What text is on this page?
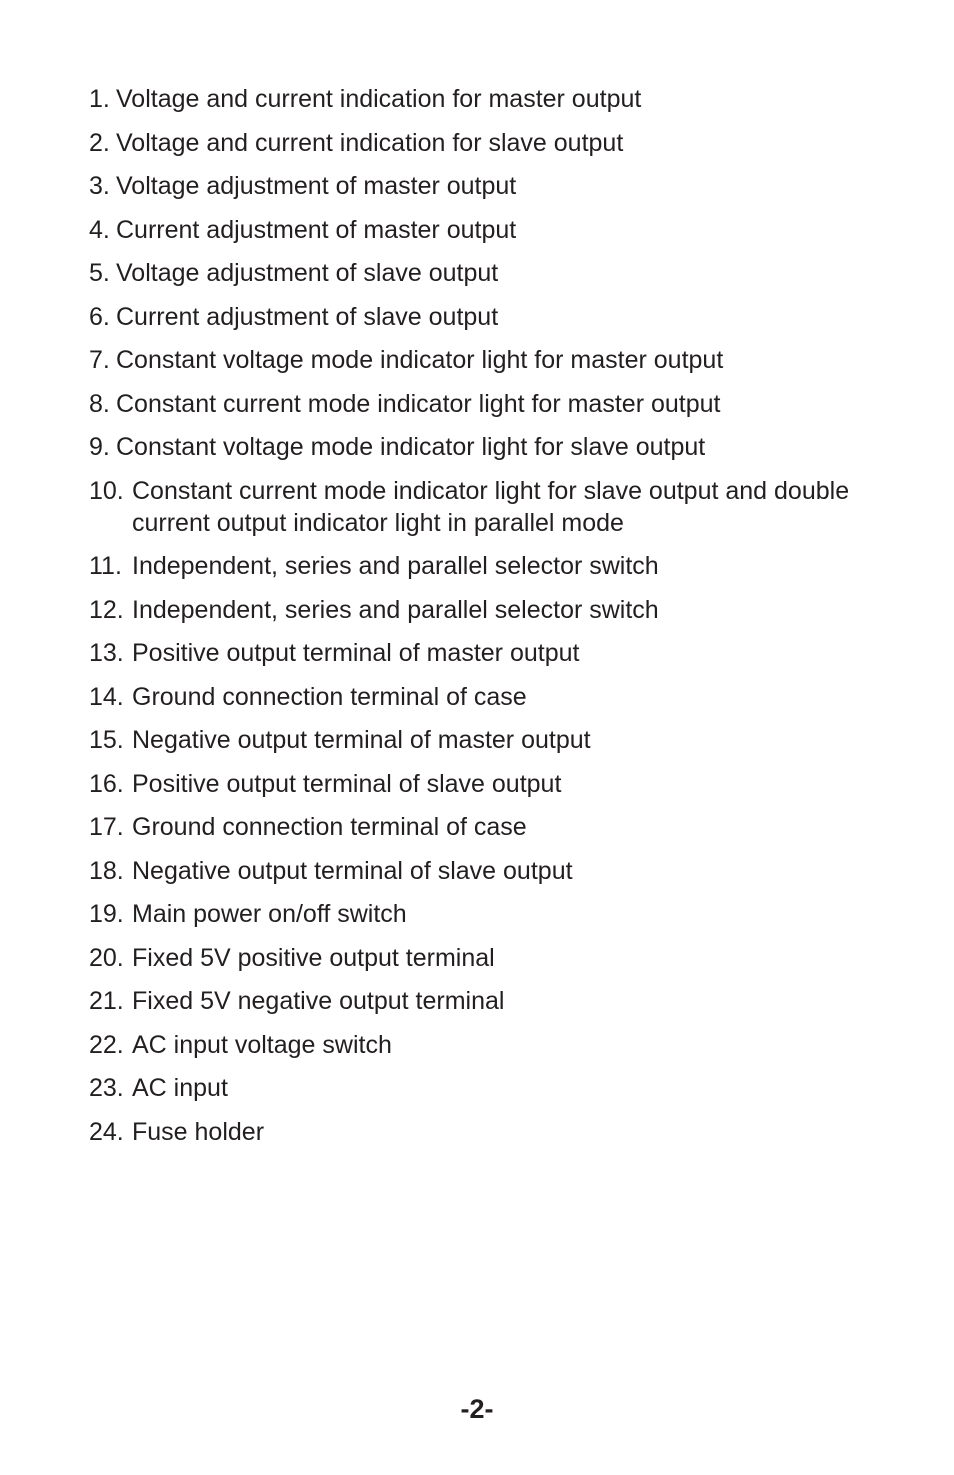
1. Voltage and current indication for master output
2. Voltage and current indication for slave output
3. Voltage adjustment of master output
4. Current adjustment of master output
5. Voltage adjustment of slave output
6. Current adjustment of slave output
7. Constant voltage mode indicator light for master output
8. Constant current mode indicator light for master output
9. Constant voltage mode indicator light for slave output
10. Constant current mode indicator light for slave output and double current output indicator light in parallel mode
11. Independent, series and parallel selector switch
12. Independent, series and parallel selector switch
13. Positive output terminal of master output
14. Ground connection terminal of case
15. Negative output terminal of master output
16. Positive output terminal of slave output
17. Ground connection terminal of case
18. Negative output terminal of slave output
19. Main power on/off switch
20. Fixed 5V positive output terminal
21. Fixed 5V negative output terminal
22. AC input voltage switch
23. AC input
24. Fuse holder
-2-
